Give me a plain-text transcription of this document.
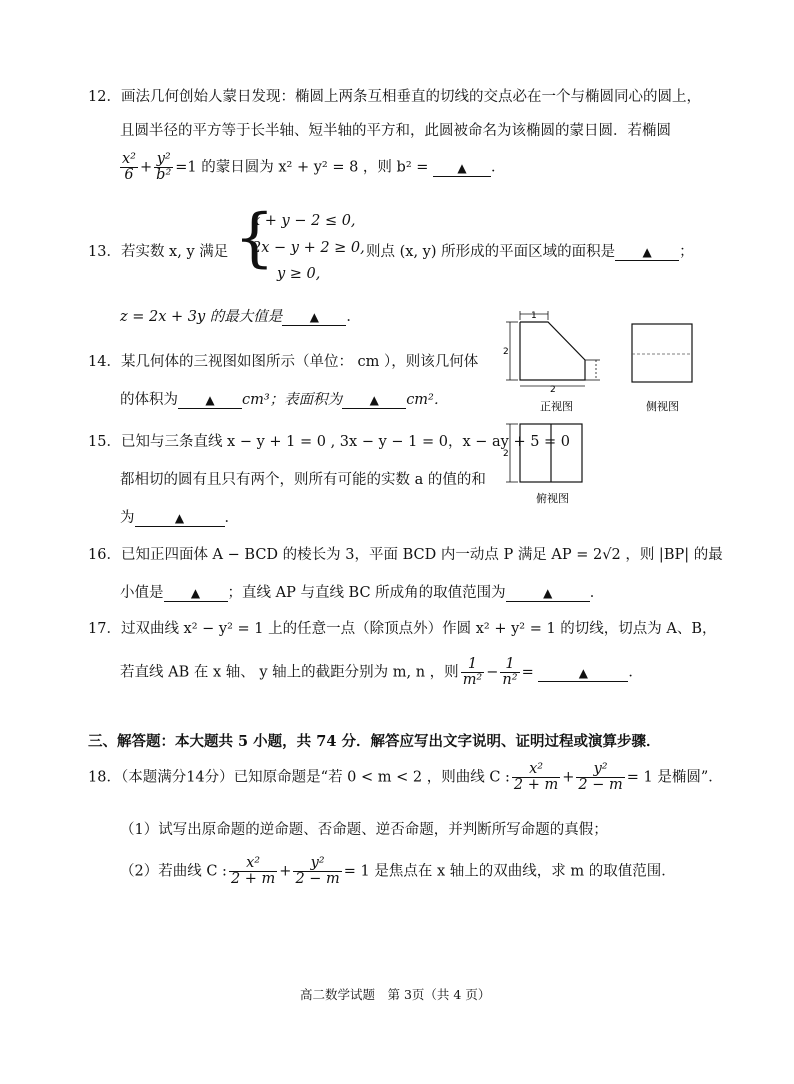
12．画法几何创始人蒙日发现：椭圆上两条互相垂直的切线的交点必在一个与椭圆同心的圆上，
且圆半径的平方等于长半轴、短半轴的平方和，此圆被命名为该椭圆的蒙日圆．若椭圆
$\frac{\text{x²}}{6} + \frac{\text{y²}}{\text{b²}} =1$ 的蒙日圆为 x² + y² = 8 ，则 b² = ▲ ．
{
x + y − 2 ≤ 0,
2x − y + 2 ≥ 0,
y ≥ 0,
13．若实数 x, y 满足	则点 (x, y) 所形成的平面区域的面积是 ▲ ；
z = 2x + 3y 的最大值是 ▲ ．
14．某几何体的三视图如图所示（单位： cm ），则该几何体
的体积为 ▲ cm³；表面积为 ▲ cm²．
15．已知与三条直线 x − y + 1 = 0 , 3x − y − 1 = 0，x − ay + 5 = 0
都相切的圆有且只有两个，则所有可能的实数 a 的值的和
为	▲	．
1
2
2
正视图	侧视图
2
俯视图
16．已知正四面体 A − BCD 的棱长为 3，平面 BCD 内一动点 P 满足 AP = 2√2 ，则 |BP| 的最
小值是 ▲ ；直线 AP 与直线 BC 所成角的取值范围为	▲	．
17．过双曲线 x² − y² = 1 上的任意一点（除顶点外）作圆 x² + y² = 1 的切线，切点为 A、B，
若直线 AB 在 x 轴、 y 轴上的截距分别为 m, n ，则 $\frac{1}{\text{m²}} - \frac{1}{\text{n²}}$ =	▲	．
三、解答题：本大题共 5 小题，共 74 分．解答应写出文字说明、证明过程或演算步骤．
18．（本题满分14分）已知原命题是“若 0 < m < 2 ，则曲线 C : $\frac{\text{x²}}{2 + m} + \frac{\text{y²}}{2 - m} = 1$ 是椭圆”．
（1）试写出原命题的逆命题、否命题、逆否命题，并判断所写命题的真假；
（2）若曲线 C : $\frac{\text{x²}}{2 + m} + \frac{\text{y²}}{2 - m} = 1$ 是焦点在 x 轴上的双曲线，求 m 的取值范围．
高二数学试题　第 3页（共 4 页）
